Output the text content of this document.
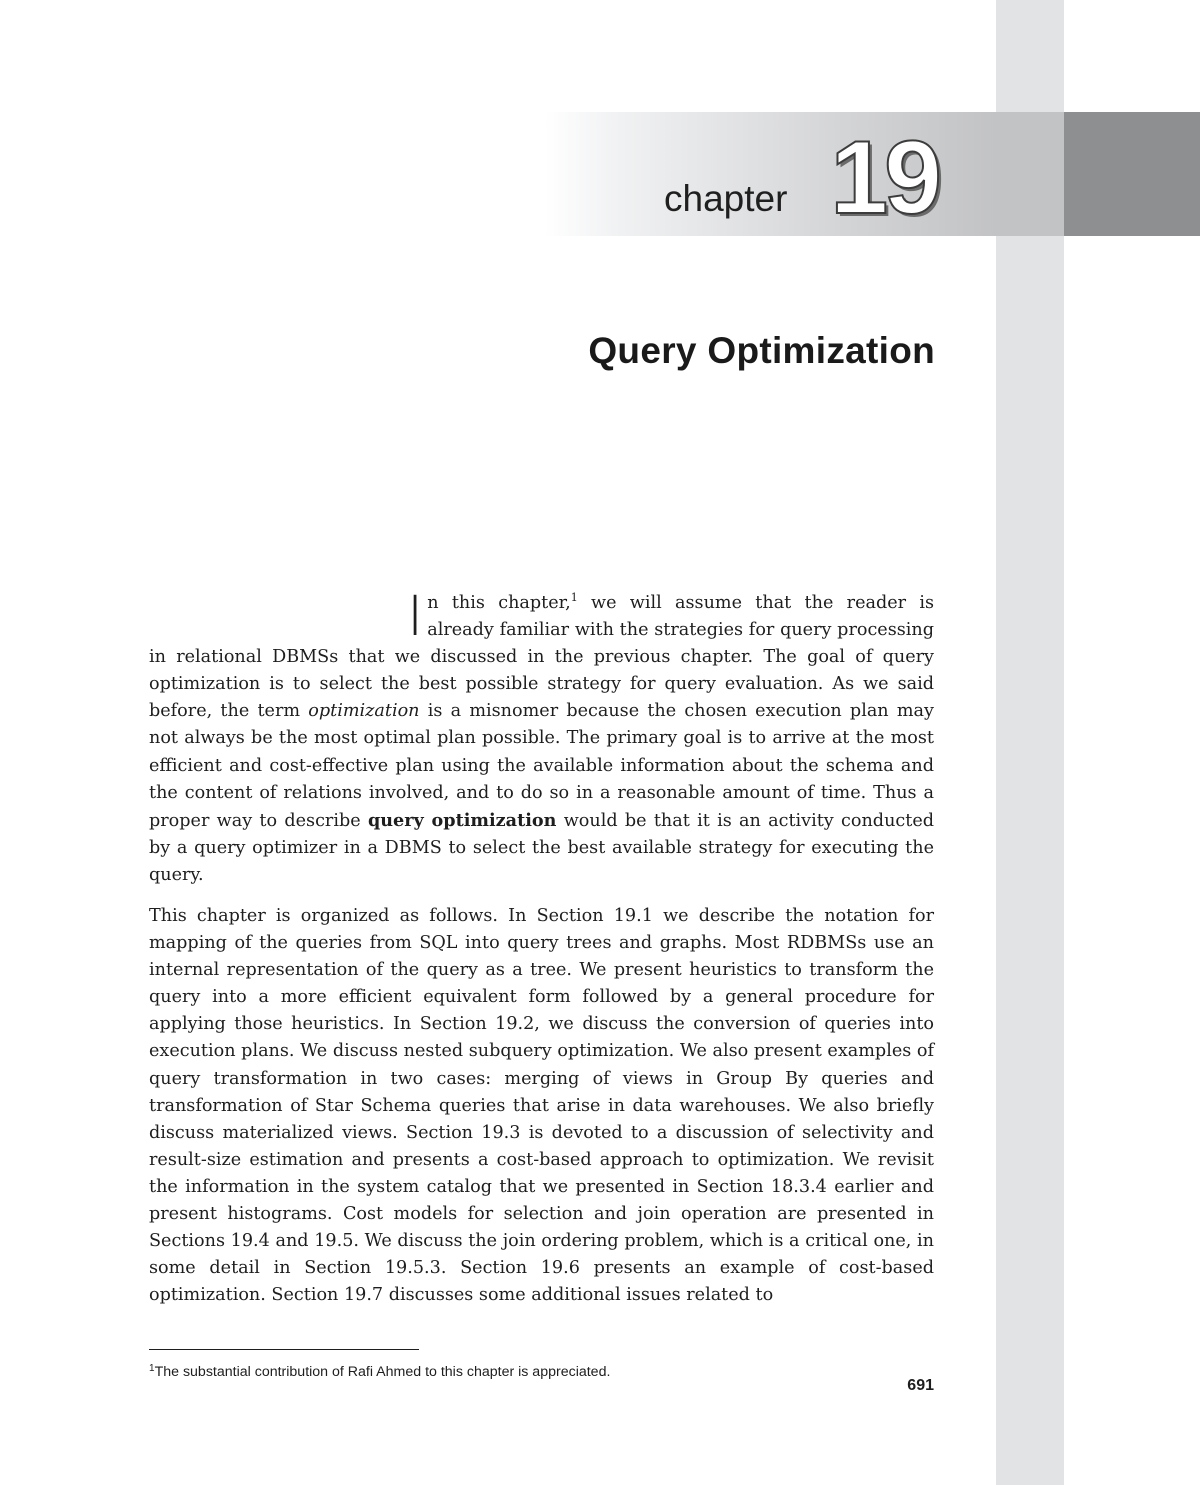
chapter 19
Query Optimization

In this chapter,$^1$ we will assume that the reader is already familiar with the strategies for query processing in relational DBMSs that we discussed in the previous chapter. The goal of query optimization is to select the best possible strategy for query evaluation. As we said before, the term optimization is a misnomer because the chosen execution plan may not always be the most optimal plan possible. The primary goal is to arrive at the most efficient and cost-effective plan using the available information about the schema and the content of relations involved, and to do so in a reasonable amount of time. Thus a proper way to describe query optimization would be that it is an activity conducted by a query optimizer in a DBMS to select the best available strategy for executing the query.

This chapter is organized as follows. In Section 19.1 we describe the notation for mapping of the queries from SQL into query trees and graphs. Most RDBMSs use an internal representation of the query as a tree. We present heuristics to transform the query into a more efficient equivalent form followed by a general procedure for applying those heuristics. In Section 19.2, we discuss the conversion of queries into execution plans. We discuss nested subquery optimization. We also present examples of query transformation in two cases: merging of views in Group By queries and transformation of Star Schema queries that arise in data warehouses. We also briefly discuss materialized views. Section 19.3 is devoted to a discussion of selectivity and result-size estimation and presents a cost-based approach to optimization. We revisit the information in the system catalog that we presented in Section 18.3.4 earlier and present histograms. Cost models for selection and join operation are presented in Sections 19.4 and 19.5. We discuss the join ordering problem, which is a critical one, in some detail in Section 19.5.3. Section 19.6 presents an example of cost-based optimization. Section 19.7 discusses some additional issues related to

$^1$The substantial contribution of Rafi Ahmed to this chapter is appreciated.

691
